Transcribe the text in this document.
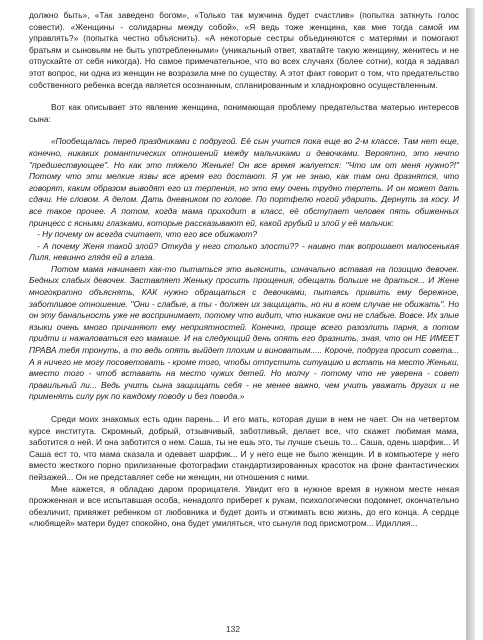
должно быть», «Так заведено богом», «Только так мужчина будет счастлив» (попытка заткнуть голос совести). «Женщины - солидарны между собой», «Я ведь тоже женщина, как мне тогда самой им управлять?» (попытка честно объяснить). «А некоторые сестры объединяются с матерями и помогают братьям и сыновьям не быть употребленными» (уникальный ответ, хватайте такую женщину, женитесь и не отпускайте от себя никогда). Но самое примечательное, что во всех случаях (более сотни), когда я задавал этот вопрос, ни одна из женщин не возразила мне по существу. А этот факт говорит о том, что предательство собственного ребенка всегда является осознанным, спланированным и хладнокровно осуществленным.

Вот как описывает это явление женщина, понимающая проблему предательства матерью интересов сына:

«Пообещалась перед праздниками с подругой. Её сын учится пока еще во 2-м классе. Там нет еще, конечно, никаких романтических отношений между мальчиками и девочками. Вероятно, это нечто "предшествующее". Но как это тяжело Женьке! Он все время жалуется: "Что им от меня нужно?!" Потому что эти мелкие язвы все время его достают. Я уж не знаю, как там они дразнятся, что говорят, каким образом выводят его из терпения, но это ему очень трудно терпеть. И он может дать сдачи. Не словом. А делом. Дать дневником по голове. По портфелю ногой ударить. Дернуть за косу. И все такое прочее. А потом, когда мама приходит в класс, её обступает человек пять обиженных принцесс с ясными глазками, которые рассказывают ей, какой грубый и злой у её мальчик:

- Ну почему он всегда считает, что его все обижают?

- А почему Женя такой злой? Откуда у него столько злости?? - наивно так вопрошает малюсенькая Лиля, невинно глядя ей в глаза.

Потом мама начинает как-то пытаться это выяснить, изначально вставая на позицию девочек. Бедных слабых девочек. Заставляет Женьку просить прощения, обещать больше не драться... И Жене многократно объяснять, КАК нужно обращаться с девочками, пытаясь привить ему бережное, заботливое отношение. "Они - слабые, а ты - должен их защищать, но ни в коем случае не обижать". Но он эту банальность уже не воспринимает, потому что видит, что никакие они не слабые. Вовсе. Их злые языки очень много причиняют ему неприятностей. Конечно, проще всего разозлить парня, а потом придти и нажаловаться его мамаше. И на следующий день опять его дразнить, зная, что он НЕ ИМЕЕТ ПРАВА тебя тронуть, а то ведь опять выйдет плохим и виноватым..... Короче, подруга просит совета... А я ничего не могу посоветовать - кроме того, чтобы отпустить ситуацию и встать на место Женьки, вместо того - чтоб вставать на место чужих детей. Но молчу - потому что не уверена - совет правильный ли... Ведь учить сына защищать себя - не менее важно, чем учить уважать других и не применять силу рук по каждому поводу и без повода.»

Среди моих знакомых есть один парень... И его мать, которая души в нем не чает. Он на четвертом курсе института. Скромный, добрый, отзывчивый, заботливый, делает все, что скажет любимая мама, заботится о ней. И она заботится о нем. Саша, ты не ешь это, ты лучше съешь то... Саша, одень шарфик... И Саша ест то, что мама сказала и одевает шарфик... И у него еще не было женщин. И в компьютере у него вместо жесткого порно прилизанные фотографии стандартизированных красоток на фоне фантастических пейзажей... Он не представляет себе ни женщин, ни отношения с ними.

Мне кажется, я обладаю даром прорицателя. Увидит его в нужное время в нужном месте некая прожженная и все испытавшая особа, ненадолго приберет к рукам, психологически подомнет, окончательно обезличит, привяжет ребенком от любовника и будет доить и отжимать всю жизнь, до его конца. А сердце «любящей» матери будет спокойно, она будет умиляться, что сынуля под присмотром... Идиллия...

132
